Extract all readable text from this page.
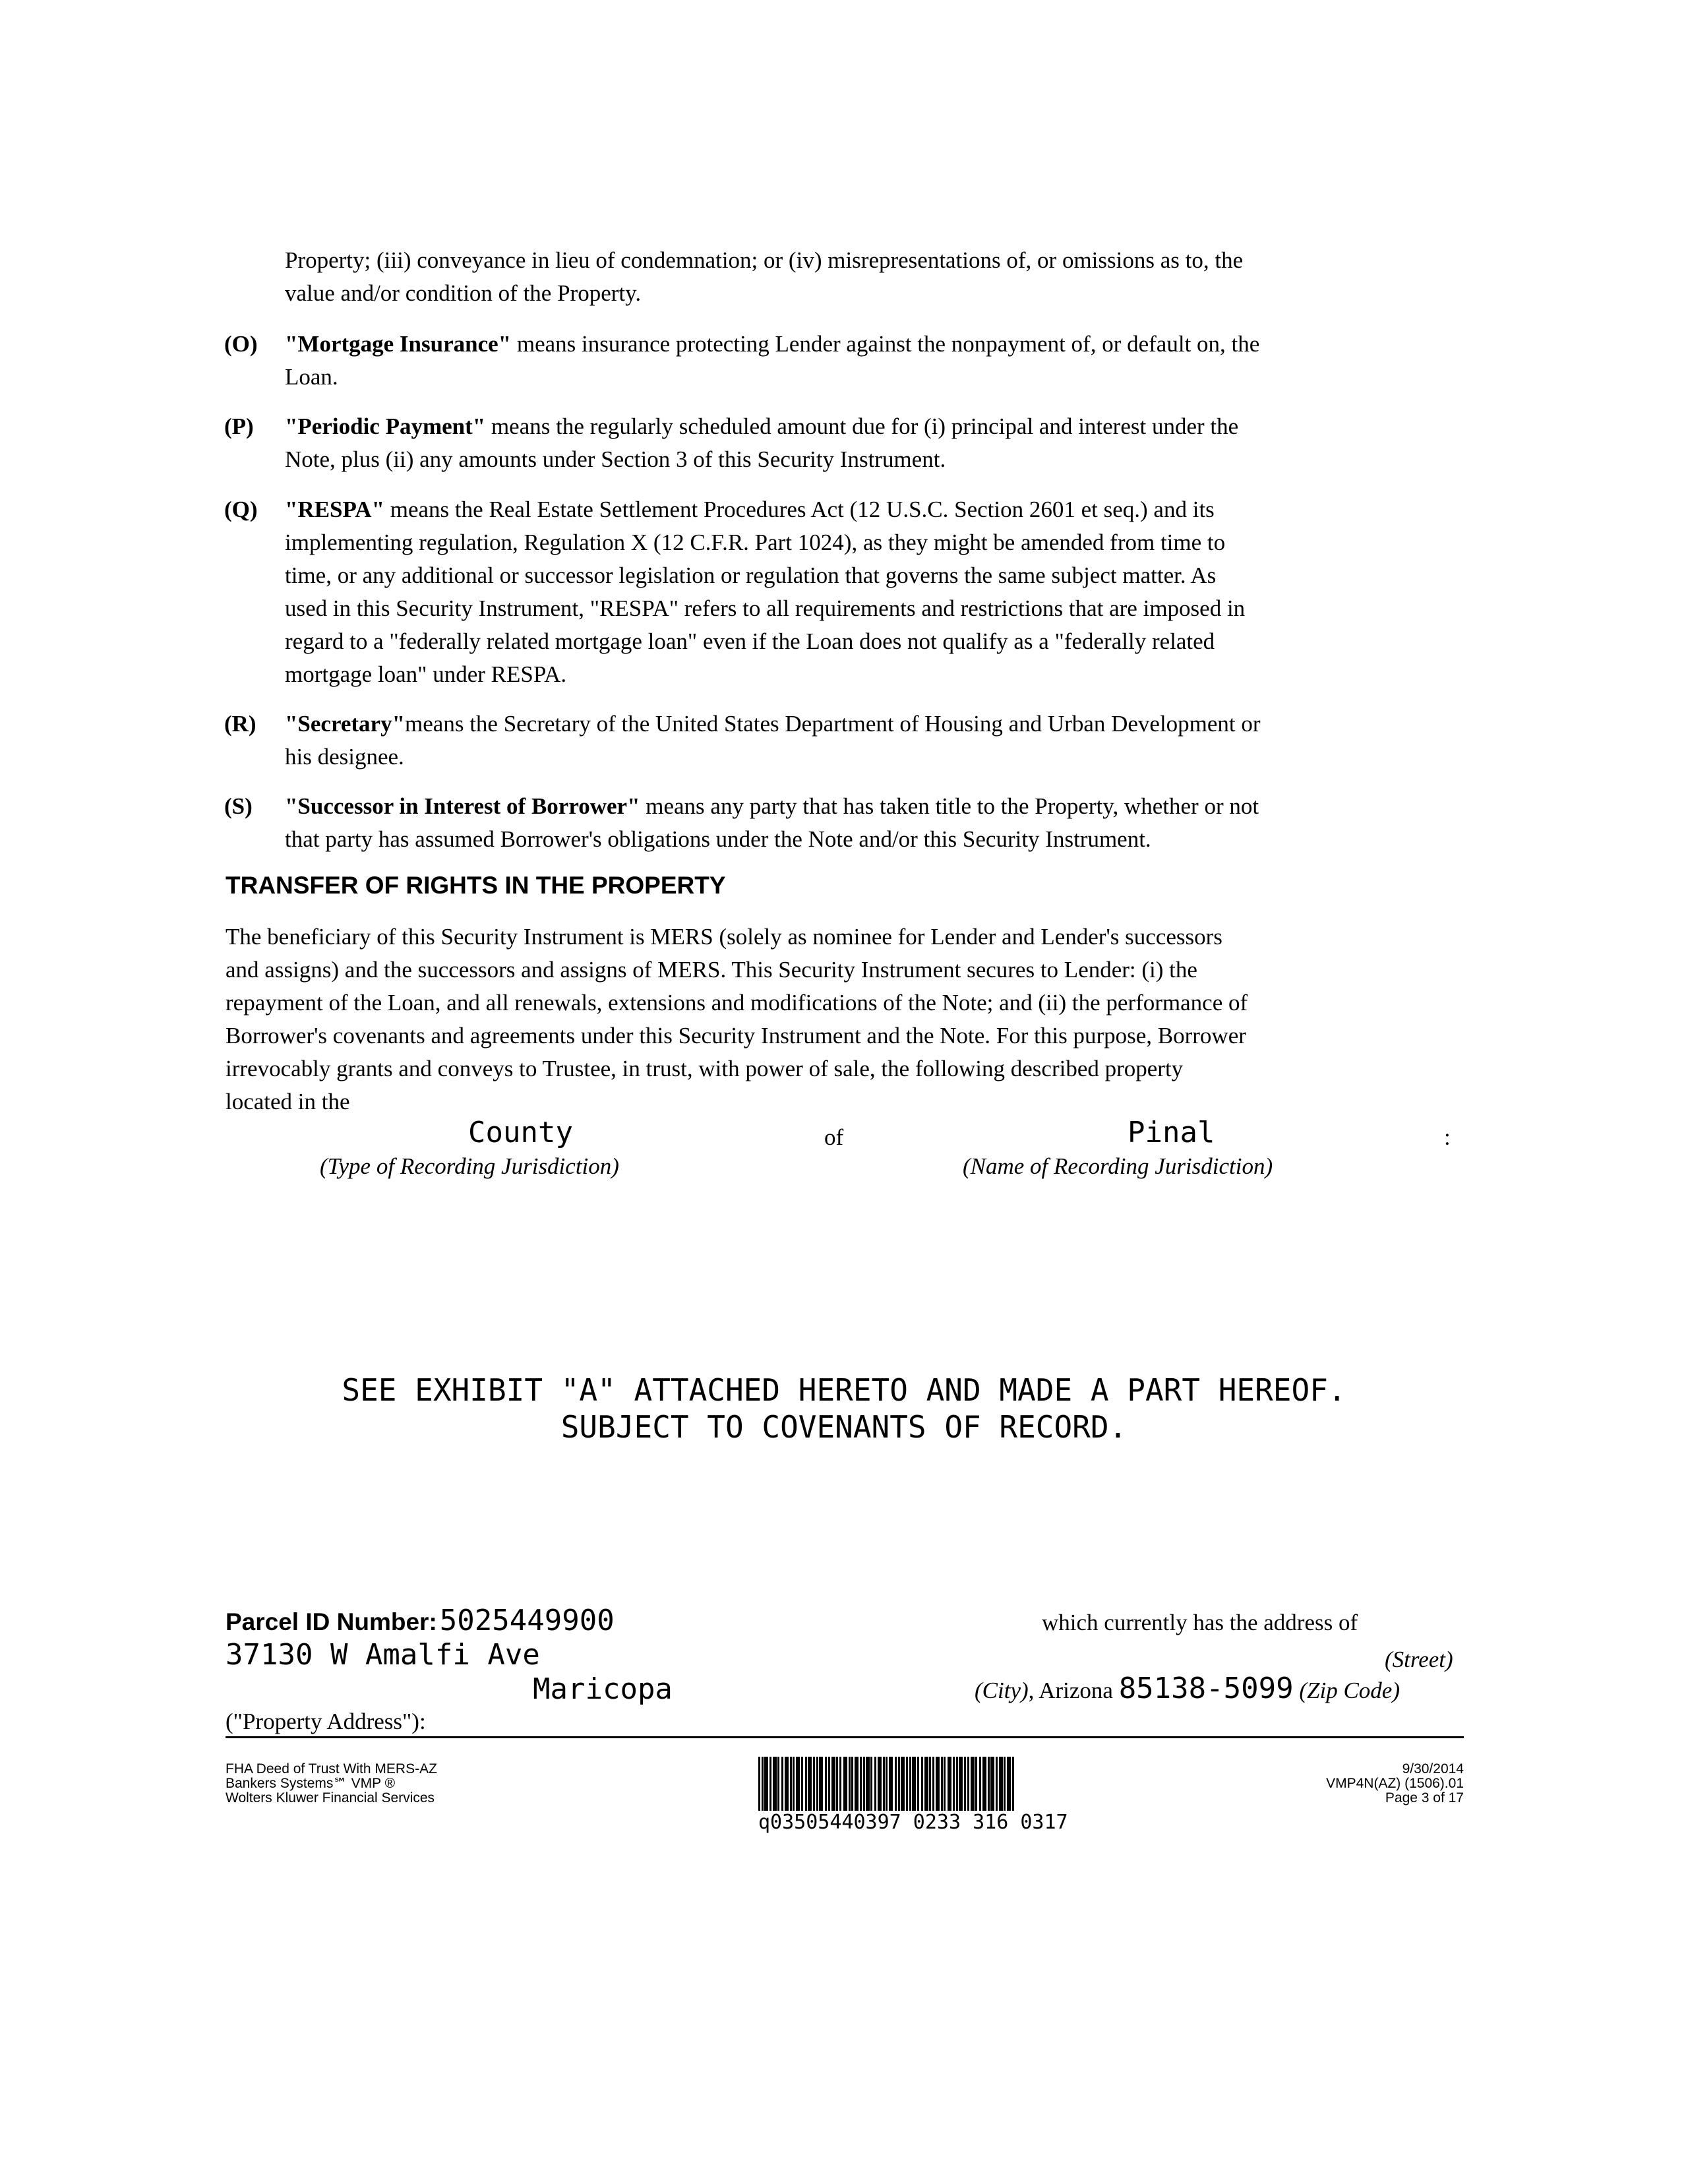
Property; (iii) conveyance in lieu of condemnation; or (iv) misrepresentations of, or omissions as to, the
value and/or condition of the Property.
(O) "Mortgage Insurance" means insurance protecting Lender against the nonpayment of, or default on, the
Loan.
(P) "Periodic Payment" means the regularly scheduled amount due for (i) principal and interest under the
Note, plus (ii) any amounts under Section 3 of this Security Instrument.
(Q) "RESPA" means the Real Estate Settlement Procedures Act (12 U.S.C. Section 2601 et seq.) and its
implementing regulation, Regulation X (12 C.F.R. Part 1024), as they might be amended from time to
time, or any additional or successor legislation or regulation that governs the same subject matter. As
used in this Security Instrument, "RESPA" refers to all requirements and restrictions that are imposed in
regard to a "federally related mortgage loan" even if the Loan does not qualify as a "federally related
mortgage loan" under RESPA.
(R) "Secretary"means the Secretary of the United States Department of Housing and Urban Development or
his designee.
(S) "Successor in Interest of Borrower" means any party that has taken title to the Property, whether or not
that party has assumed Borrower's obligations under the Note and/or this Security Instrument.
TRANSFER OF RIGHTS IN THE PROPERTY
The beneficiary of this Security Instrument is MERS (solely as nominee for Lender and Lender's successors
and assigns) and the successors and assigns of MERS. This Security Instrument secures to Lender: (i) the
repayment of the Loan, and all renewals, extensions and modifications of the Note; and (ii) the performance of
Borrower's covenants and agreements under this Security Instrument and the Note. For this purpose, Borrower
irrevocably grants and conveys to Trustee, in trust, with power of sale, the following described property
located in the
County	of	Pinal	:
(Type of Recording Jurisdiction)	(Name of Recording Jurisdiction)
SEE EXHIBIT "A" ATTACHED HERETO AND MADE A PART HEREOF.
SUBJECT TO COVENANTS OF RECORD.
Parcel ID Number: 5025449900	which currently has the address of
37130 W Amalfi Ave	(Street)
Maricopa	(City), Arizona 85138-5099 (Zip Code)
("Property Address"):
FHA Deed of Trust With MERS-AZ
Bankers Systems℠ VMP ®
Wolters Kluwer Financial Services
q03505440397 0233 316 0317
9/30/2014
VMP4N(AZ) (1506).01
Page 3 of 17
